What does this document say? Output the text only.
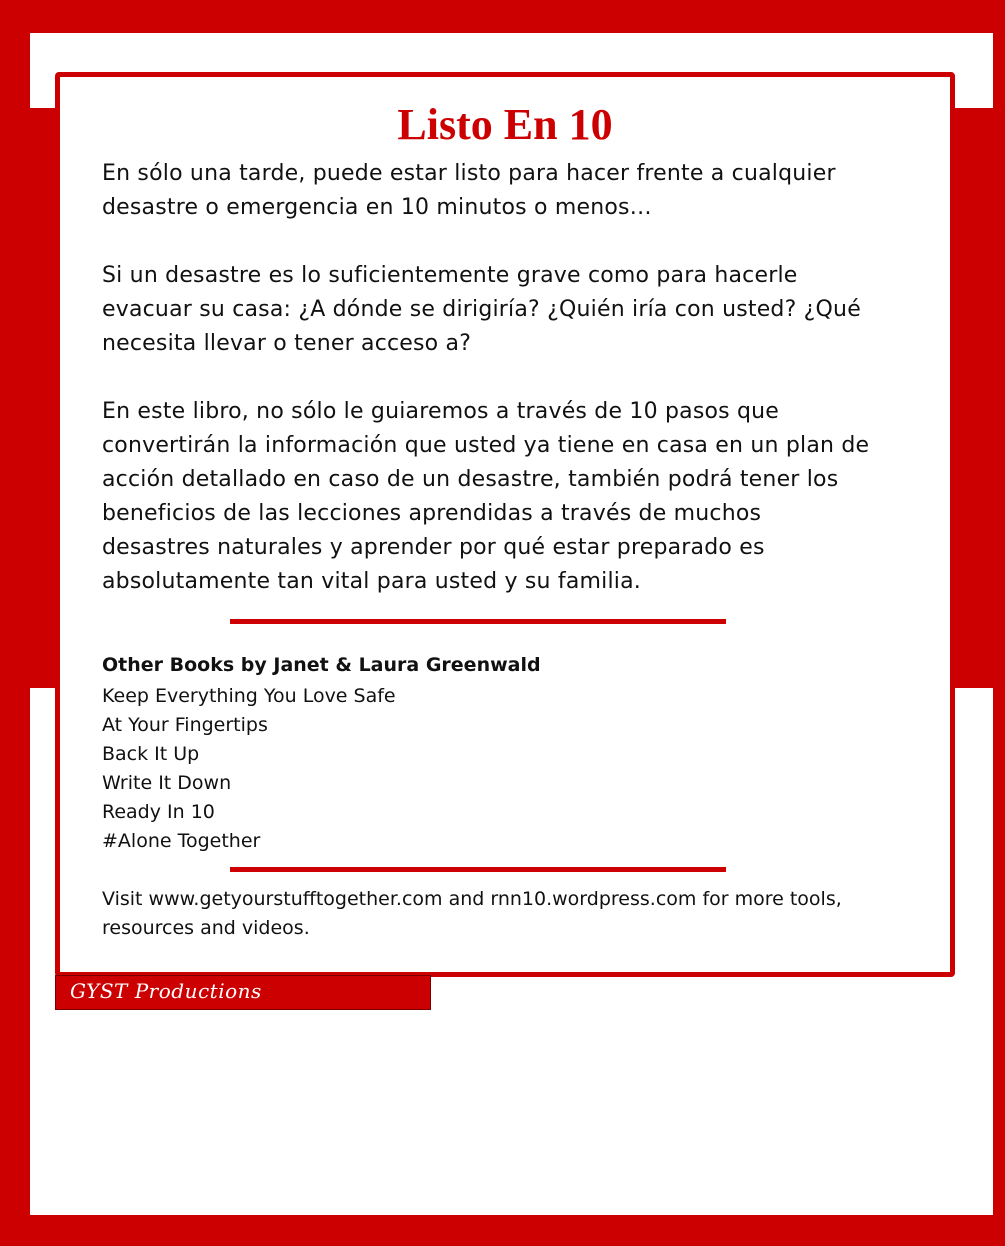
Listo En 10

En sólo una tarde, puede estar listo para hacer frente a cualquier desastre o emergencia en 10 minutos o menos…

Si un desastre es lo suficientemente grave como para hacerle evacuar su casa: ¿A dónde se dirigiría? ¿Quién iría con usted? ¿Qué necesita llevar o tener acceso a?

En este libro, no sólo le guiaremos a través de 10 pasos que convertirán la información que usted ya tiene en casa en un plan de acción detallado en caso de un desastre, también podrá tener los beneficios de las lecciones aprendidas a través de muchos desastres naturales y aprender por qué estar preparado es absolutamente tan vital para usted y su familia.

Other Books by Janet & Laura Greenwald

Keep Everything You Love Safe
At Your Fingertips
Back It Up
Write It Down
Ready In 10
#Alone Together

Visit www.getyourstufftogether.com and rnn10.wordpress.com for more tools, resources and videos.

GYST Productions
